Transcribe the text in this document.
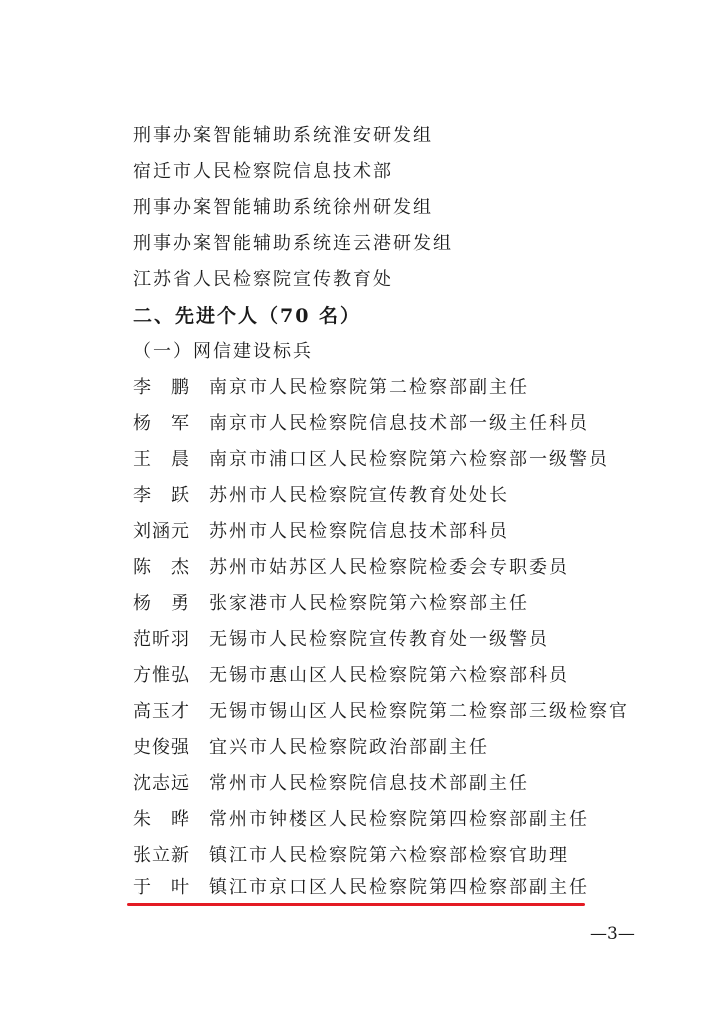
刑事办案智能辅助系统淮安研发组
宿迁市人民检察院信息技术部
刑事办案智能辅助系统徐州研发组
刑事办案智能辅助系统连云港研发组
江苏省人民检察院宣传教育处
二、先进个人（70 名）
（一）网信建设标兵
李　鹏 南京市人民检察院第二检察部副主任
杨　军 南京市人民检察院信息技术部一级主任科员
王　晨 南京市浦口区人民检察院第六检察部一级警员
李　跃 苏州市人民检察院宣传教育处处长
刘涵元 苏州市人民检察院信息技术部科员
陈　杰 苏州市姑苏区人民检察院检委会专职委员
杨　勇 张家港市人民检察院第六检察部主任
范昕羽 无锡市人民检察院宣传教育处一级警员
方惟弘 无锡市惠山区人民检察院第六检察部科员
高玉才 无锡市锡山区人民检察院第二检察部三级检察官
史俊强 宜兴市人民检察院政治部副主任
沈志远 常州市人民检察院信息技术部副主任
朱　晔 常州市钟楼区人民检察院第四检察部副主任
张立新 镇江市人民检察院第六检察部检察官助理
于　叶 镇江市京口区人民检察院第四检察部副主任
—3—
